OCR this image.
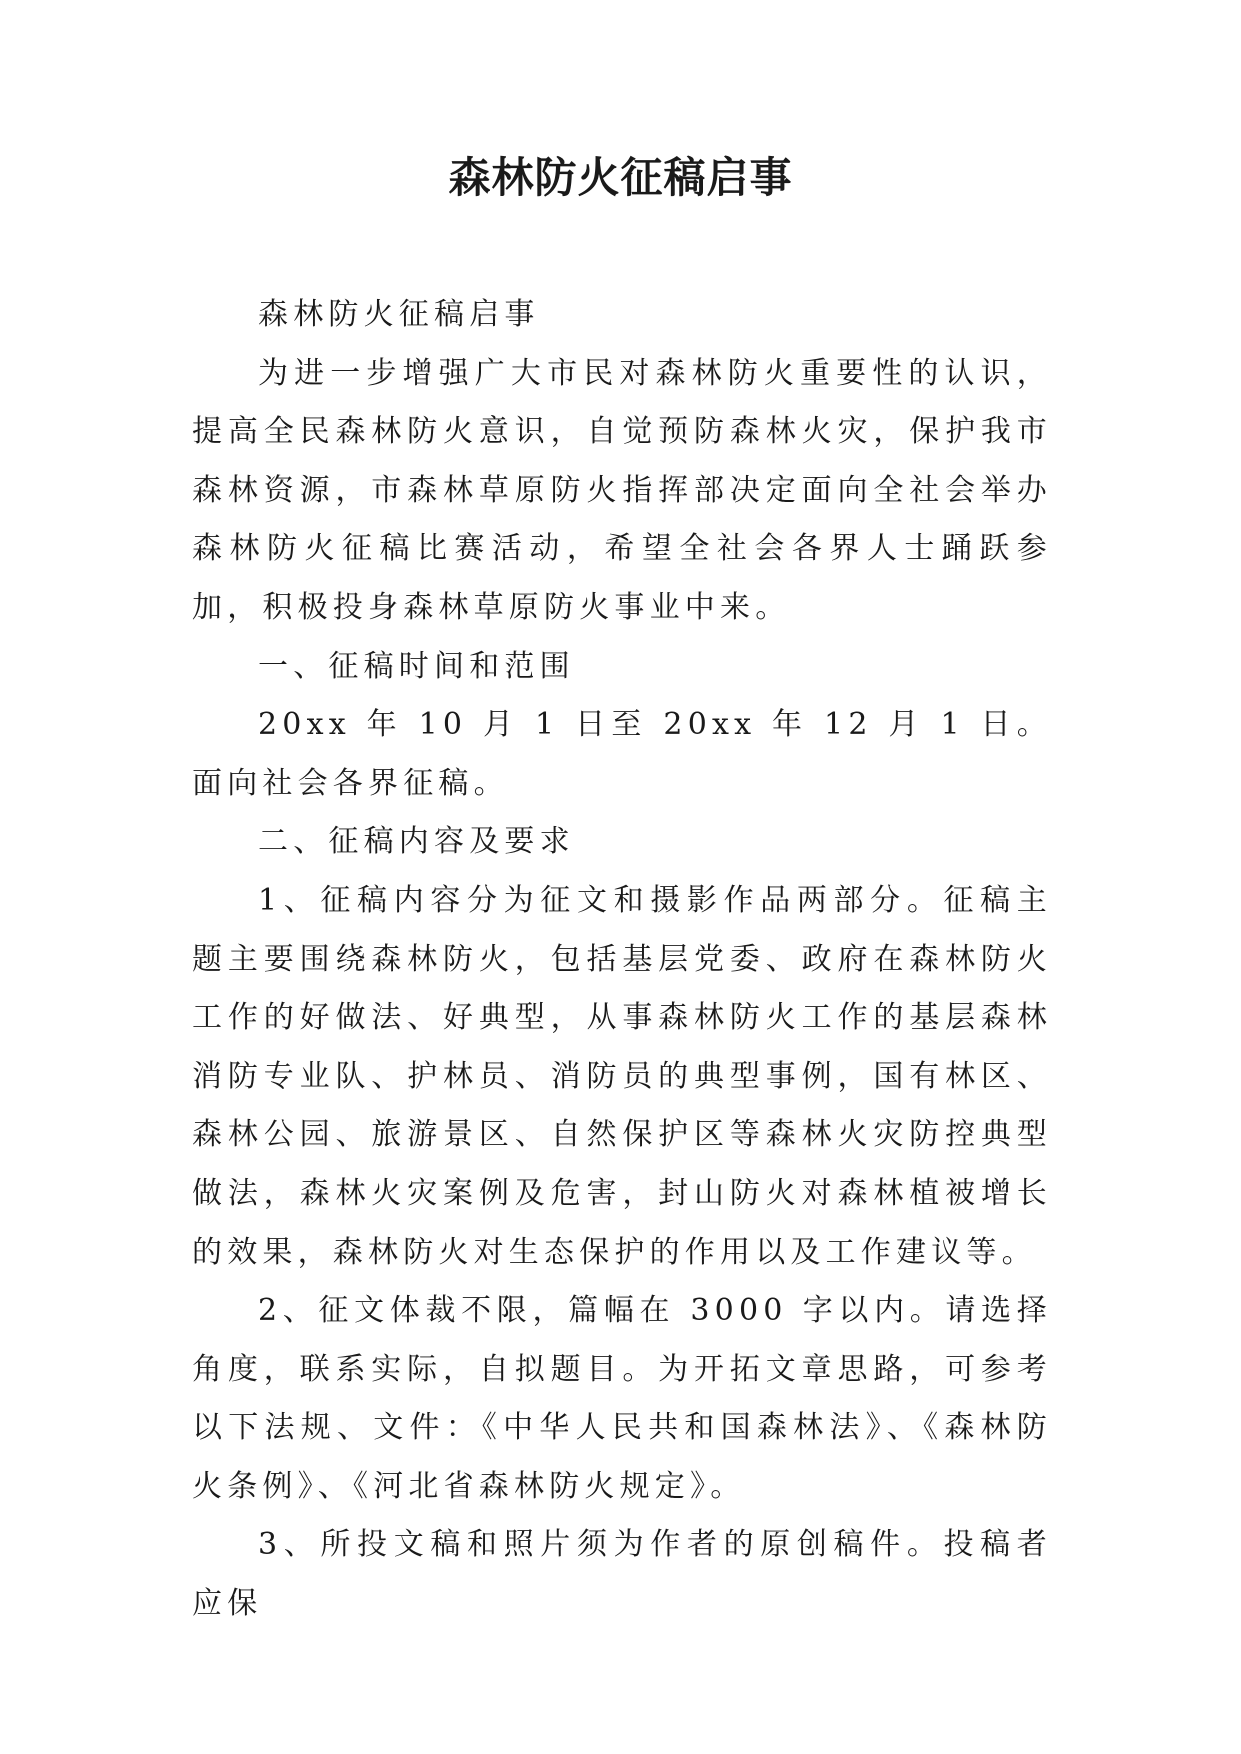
森林防火征稿启事

森林防火征稿启事

为进一步增强广大市民对森林防火重要性的认识，提高全民森林防火意识，自觉预防森林火灾，保护我市森林资源，市森林草原防火指挥部决定面向全社会举办森林防火征稿比赛活动，希望全社会各界人士踊跃参加，积极投身森林草原防火事业中来。

一、征稿时间和范围

20xx 年 10 月 1 日至 20xx 年 12 月 1 日。面向社会各界征稿。

二、征稿内容及要求

1、征稿内容分为征文和摄影作品两部分。征稿主题主要围绕森林防火，包括基层党委、政府在森林防火工作的好做法、好典型，从事森林防火工作的基层森林消防专业队、护林员、消防员的典型事例，国有林区、森林公园、旅游景区、自然保护区等森林火灾防控典型做法，森林火灾案例及危害，封山防火对森林植被增长的效果，森林防火对生态保护的作用以及工作建议等。

2、征文体裁不限，篇幅在 3000 字以内。请选择角度，联系实际，自拟题目。为开拓文章思路，可参考以下法规、文件：《中华人民共和国森林法》、《森林防火条例》、《河北省森林防火规定》。

3、所投文稿和照片须为作者的原创稿件。投稿者应保
